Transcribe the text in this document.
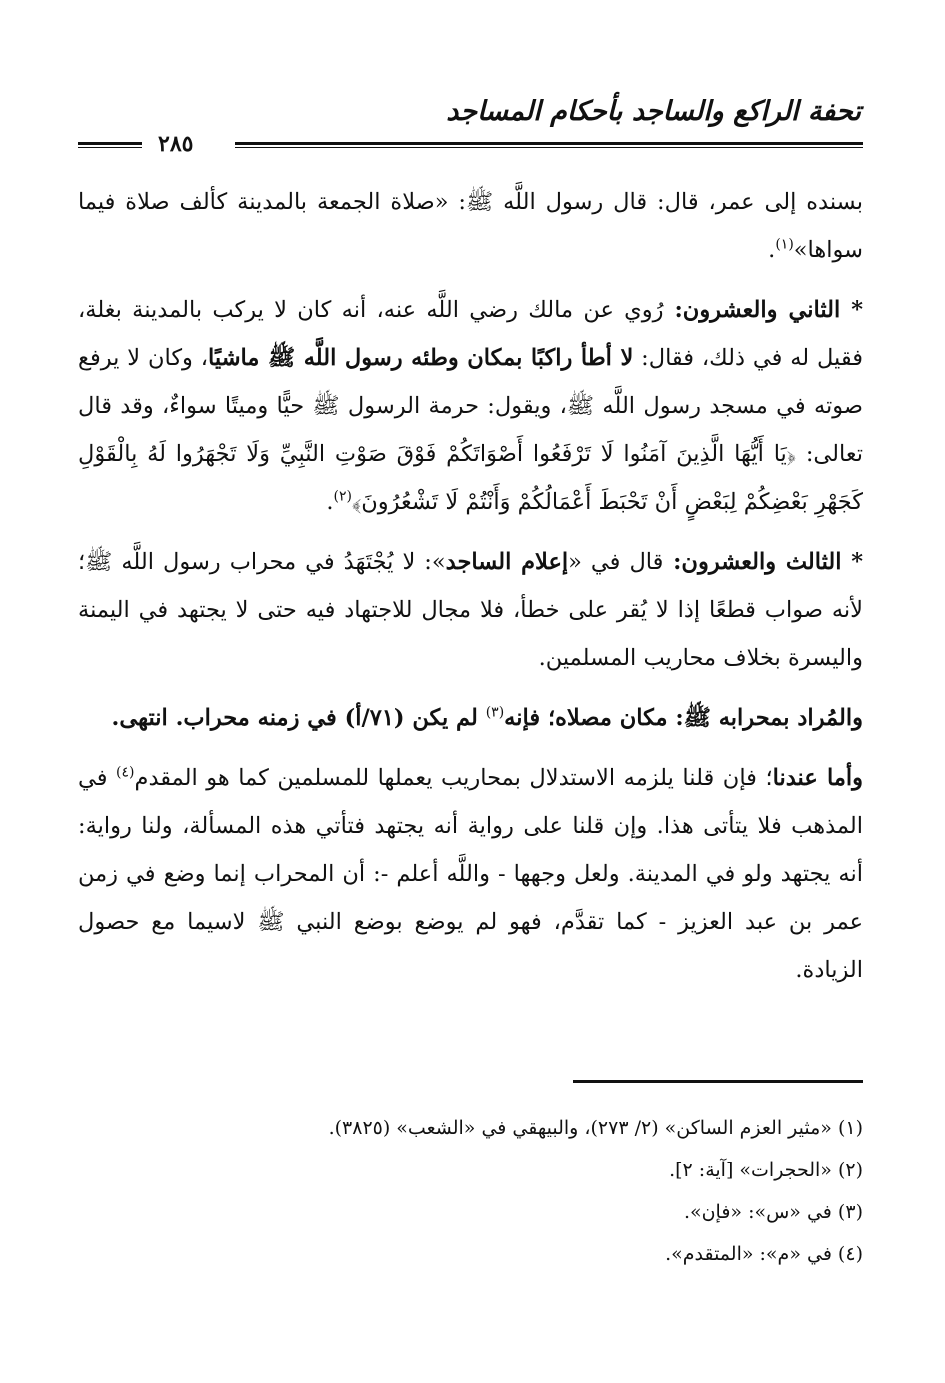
تحفة الراكع والساجد بأحكام المساجد
٢٨٥

بسنده إلى عمر، قال: قال رسول اللَّه ﷺ: «صلاة الجمعة بالمدينة كألف صلاة فيما سواها»$^{(١)}$.

* الثاني والعشرون: رُوي عن مالك رضي اللَّه عنه، أنه كان لا يركب بالمدينة بغلة، فقيل له في ذلك، فقال: لا أطأ راكبًا بمكان وطئه رسول اللَّه ﷺ ماشيًا، وكان لا يرفع صوته في مسجد رسول اللَّه ﷺ، ويقول: حرمة الرسول ﷺ حيًّا وميتًا سواءٌ، وقد قال تعالى: ﴿يَا أَيُّهَا الَّذِينَ آمَنُوا لَا تَرْفَعُوا أَصْوَاتَكُمْ فَوْقَ صَوْتِ النَّبِيِّ وَلَا تَجْهَرُوا لَهُ بِالْقَوْلِ كَجَهْرِ بَعْضِكُمْ لِبَعْضٍ أَنْ تَحْبَطَ أَعْمَالُكُمْ وَأَنْتُمْ لَا تَشْعُرُونَ﴾$^{(٢)}$.

* الثالث والعشرون: قال في «إعلام الساجد»: لا يُجْتَهَدُ في محراب رسول اللَّه ﷺ؛ لأنه صواب قطعًا إذا لا يُقر على خطأ، فلا مجال للاجتهاد فيه حتى لا يجتهد في اليمنة واليسرة بخلاف محاريب المسلمين.

والمُراد بمحرابه ﷺ: مكان مصلاه؛ فإنه$^{(٣)}$ لم يكن (٧١/أ) في زمنه محراب. انتهى.

وأما عندنا؛ فإن قلنا يلزمه الاستدلال بمحاريب يعملها للمسلمين كما هو المقدم$^{(٤)}$ في المذهب فلا يتأتى هذا. وإن قلنا على رواية أنه يجتهد فتأتي هذه المسألة، ولنا رواية: أنه يجتهد ولو في المدينة. ولعل وجهها - واللَّه أعلم -: أن المحراب إنما وضع في زمن عمر بن عبد العزيز - كما تقدَّم، فهو لم يوضع بوضع النبي ﷺ لاسيما مع حصول الزيادة.

(١) «مثير العزم الساكن» (٢/ ٢٧٣)، والبيهقي في «الشعب» (٣٨٢٥).

(٢) «الحجرات» [آية: ٢].

(٣) في «س»: «فإن».

(٤) في «م»: «المتقدم».
